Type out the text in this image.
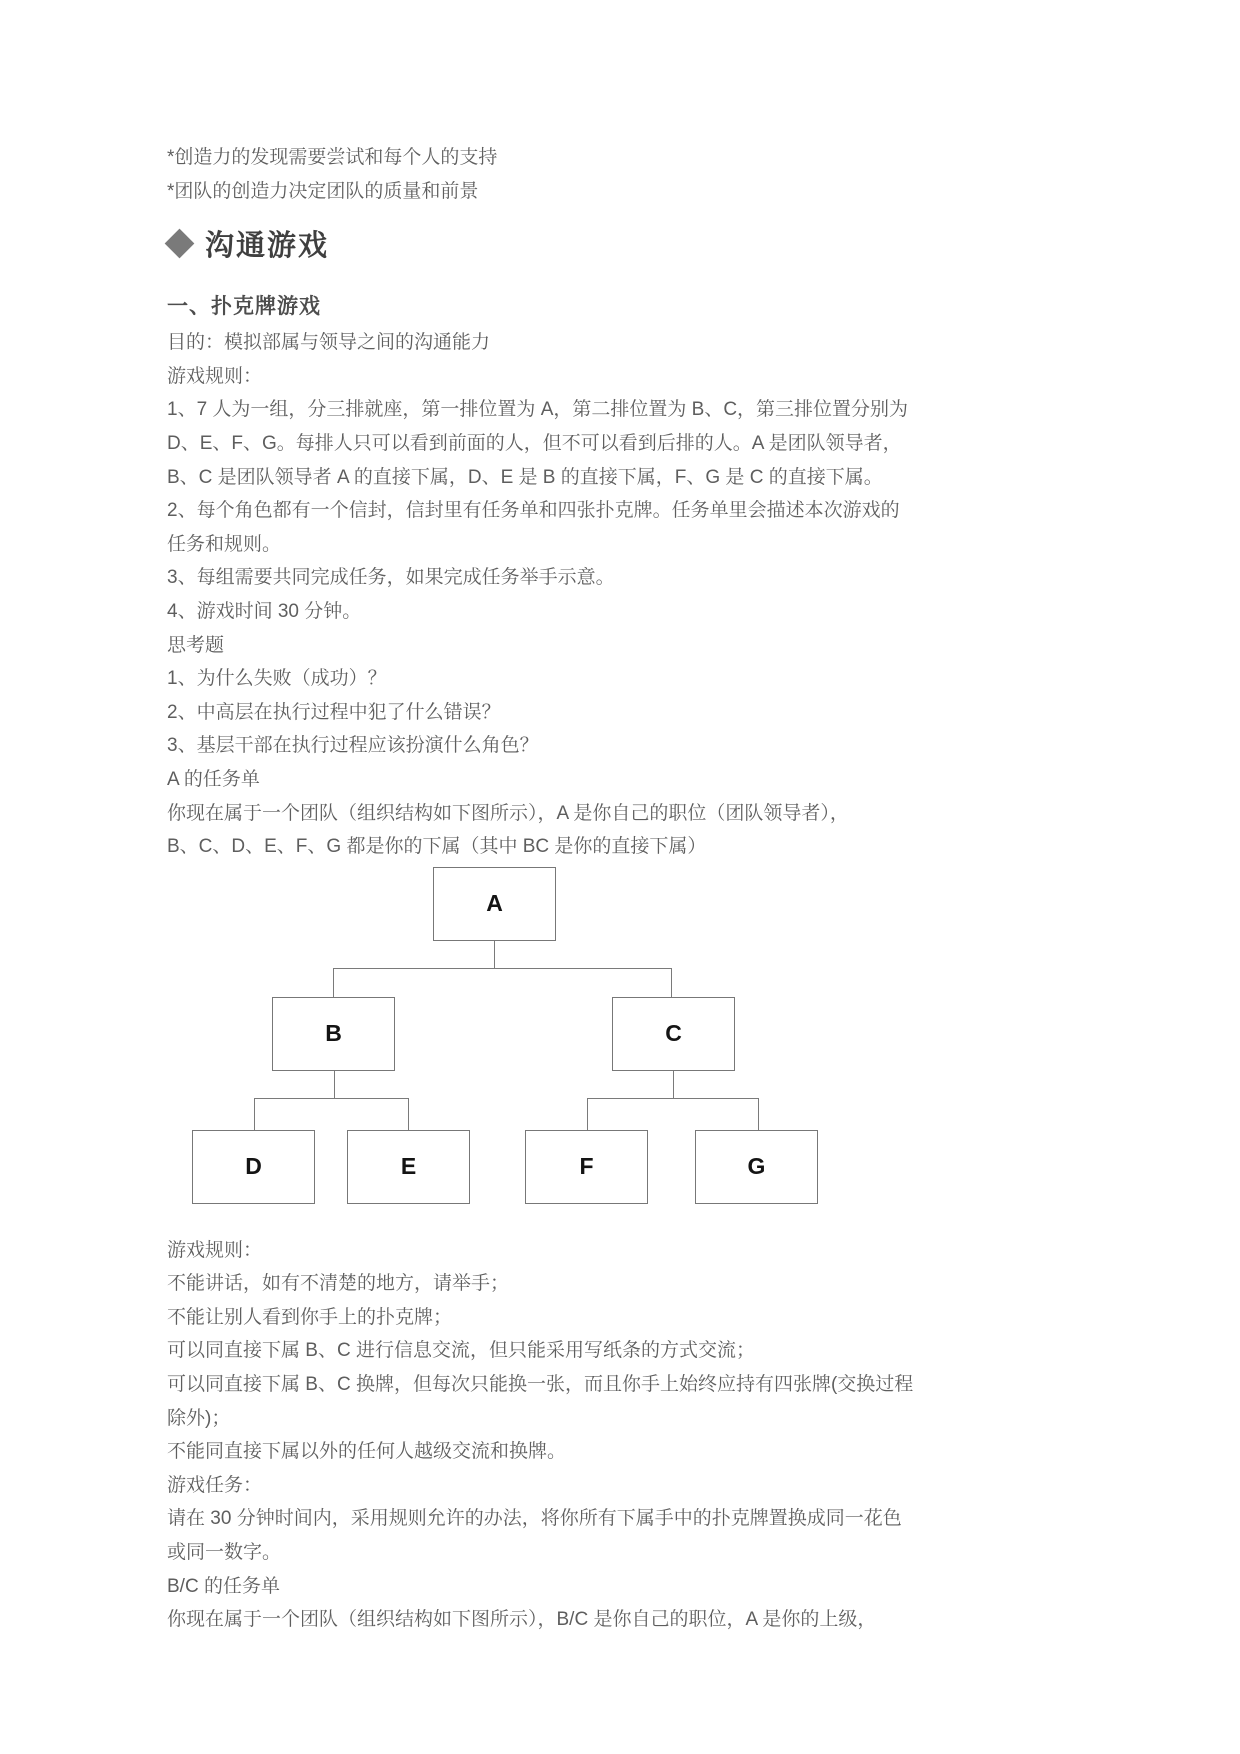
*创造力的发现需要尝试和每个人的支持
*团队的创造力决定团队的质量和前景
沟通游戏
一、扑克牌游戏
目的：模拟部属与领导之间的沟通能力
游戏规则：
1、7 人为一组，分三排就座，第一排位置为 A，第二排位置为 B、C，第三排位置分别为
D、E、F、G。每排人只可以看到前面的人，但不可以看到后排的人。A 是团队领导者，
B、C 是团队领导者 A 的直接下属，D、E 是 B 的直接下属，F、G 是 C 的直接下属。
2、每个角色都有一个信封，信封里有任务单和四张扑克牌。任务单里会描述本次游戏的
任务和规则。
3、每组需要共同完成任务，如果完成任务举手示意。
4、游戏时间 30 分钟。
思考题
1、为什么失败（成功）？
2、中高层在执行过程中犯了什么错误？
3、基层干部在执行过程应该扮演什么角色？
A 的任务单
你现在属于一个团队（组织结构如下图所示），A 是你自己的职位（团队领导者），
B、C、D、E、F、G 都是你的下属（其中 BC 是你的直接下属）
A
B	C
D	E	F	G
游戏规则：
不能讲话，如有不清楚的地方，请举手；
不能让别人看到你手上的扑克牌；
可以同直接下属 B、C 进行信息交流，但只能采用写纸条的方式交流；
可以同直接下属 B、C 换牌，但每次只能换一张，而且你手上始终应持有四张牌(交换过程
除外)；
不能同直接下属以外的任何人越级交流和换牌。
游戏任务：
请在 30 分钟时间内，采用规则允许的办法，将你所有下属手中的扑克牌置换成同一花色
或同一数字。
B/C 的任务单
你现在属于一个团队（组织结构如下图所示），B/C 是你自己的职位，A 是你的上级，
